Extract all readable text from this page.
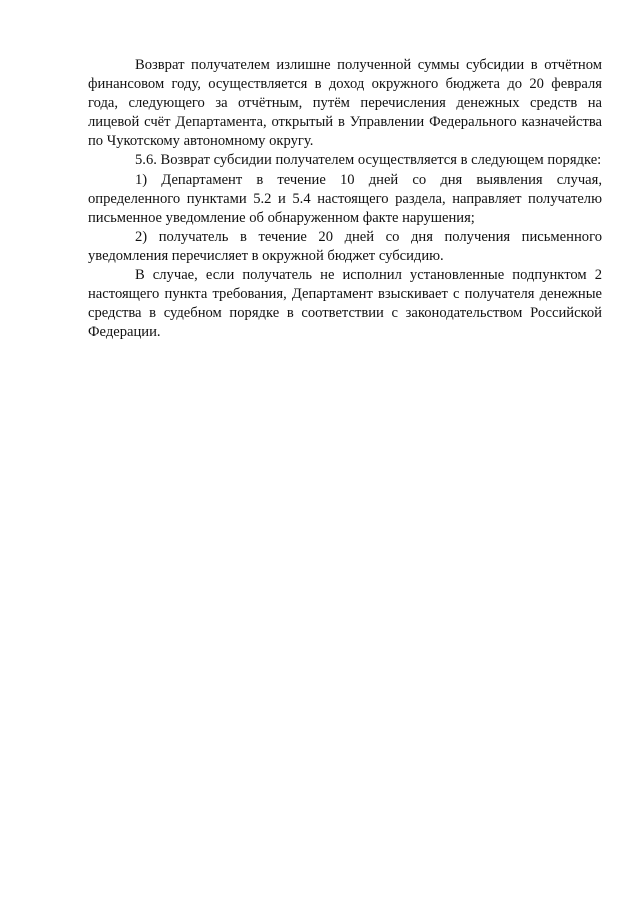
Возврат получателем излишне полученной суммы субсидии в отчётном финансовом году, осуществляется в доход окружного бюджета до 20 февраля года, следующего за отчётным, путём перечисления денежных средств на лицевой счёт Департамента, открытый в Управлении Федерального казначейства по Чукотскому автономному округу.

5.6. Возврат субсидии получателем осуществляется в следующем порядке:

1) Департамент в течение 10 дней со дня выявления случая, определенного пунктами 5.2 и 5.4 настоящего раздела, направляет получателю письменное уведомление об обнаруженном факте нарушения;

2) получатель в течение 20 дней со дня получения письменного уведомления перечисляет в окружной бюджет субсидию.

В случае, если получатель не исполнил установленные подпунктом 2 настоящего пункта требования, Департамент взыскивает с получателя денежные средства в судебном порядке в соответствии с законодательством Российской Федерации.
